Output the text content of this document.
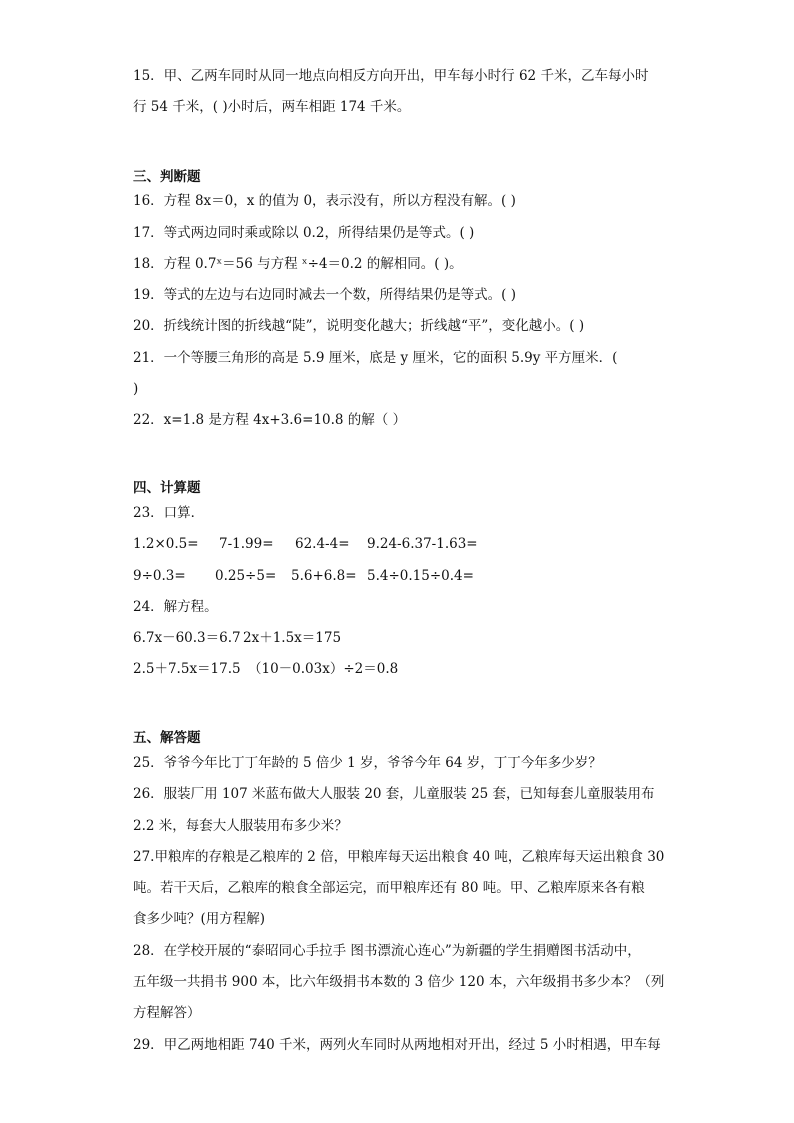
15．甲、乙两车同时从同一地点向相反方向开出，甲车每小时行 62 千米，乙车每小时
行 54 千米，( )小时后，两车相距 174 千米。
三、判断题
16．方程 8x＝0，x 的值为 0，表示没有，所以方程没有解。( )
17．等式两边同时乘或除以 0.2，所得结果仍是等式。( )
18．方程 0.7ˣ＝56 与方程 ˣ÷4＝0.2 的解相同。( )。
19．等式的左边与右边同时减去一个数，所得结果仍是等式。( )
20．折线统计图的折线越“陡”，说明变化越大；折线越“平”，变化越小。( )
21．一个等腰三角形的高是 5.9 厘米，底是 y 厘米，它的面积 5.9y 平方厘米．(
)
22．x=1.8 是方程 4x+3.6=10.8 的解（ ）
四、计算题
23．口算．
1.2×0.5= 7-1.99= 62.4-4= 9.24-6.37-1.63=
9÷0.3= 0.25÷5= 5.6+6.8= 5.4÷0.15÷0.4=
24．解方程。
6.7x－60.3＝6.7 2x＋1.5x＝175
2.5＋7.5x＝17.5 （10－0.03x）÷2＝0.8
五、解答题
25．爷爷今年比丁丁年龄的 5 倍少 1 岁，爷爷今年 64 岁，丁丁今年多少岁？
26．服装厂用 107 米蓝布做大人服装 20 套，儿童服装 25 套，已知每套儿童服装用布
2.2 米，每套大人服装用布多少米？
27.甲粮库的存粮是乙粮库的 2 倍，甲粮库每天运出粮食 40 吨，乙粮库每天运出粮食 30
吨。若干天后，乙粮库的粮食全部运完，而甲粮库还有 80 吨。甲、乙粮库原来各有粮
食多少吨？(用方程解)
28．在学校开展的“泰昭同心手拉手 图书漂流心连心”为新疆的学生捐赠图书活动中，
五年级一共捐书 900 本，比六年级捐书本数的 3 倍少 120 本，六年级捐书多少本？（列
方程解答）
29．甲乙两地相距 740 千米，两列火车同时从两地相对开出，经过 5 小时相遇，甲车每
